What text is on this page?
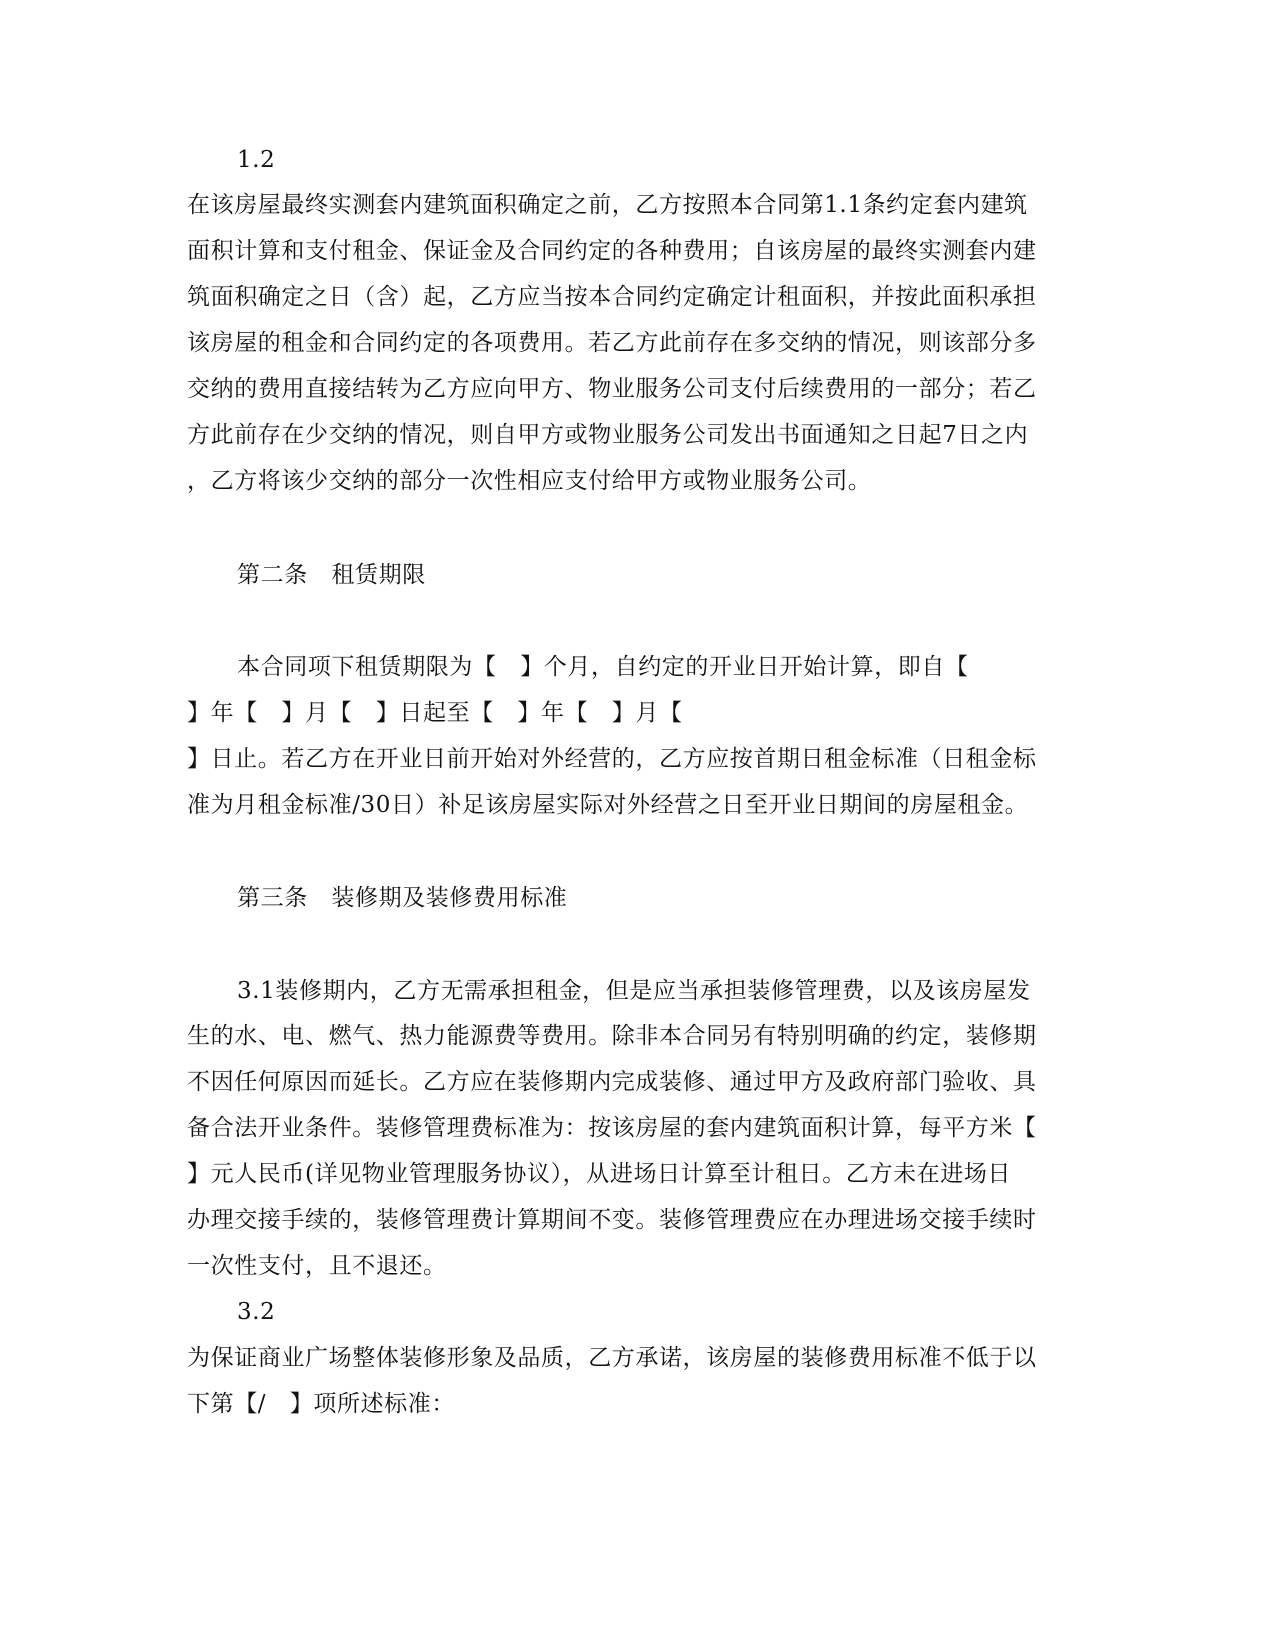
1.2
在该房屋最终实测套内建筑面积确定之前，乙方按照本合同第1.1条约定套内建筑
面积计算和支付租金、保证金及合同约定的各种费用；自该房屋的最终实测套内建
筑面积确定之日（含）起，乙方应当按本合同约定确定计租面积，并按此面积承担
该房屋的租金和合同约定的各项费用。若乙方此前存在多交纳的情况，则该部分多
交纳的费用直接结转为乙方应向甲方、物业服务公司支付后续费用的一部分；若乙
方此前存在少交纳的情况，则自甲方或物业服务公司发出书面通知之日起7日之内
，乙方将该少交纳的部分一次性相应支付给甲方或物业服务公司。
第二条　租赁期限
本合同项下租赁期限为【　】个月，自约定的开业日开始计算，即自【
】年【　】月【　】日起至【　】年【　】月【
】日止。若乙方在开业日前开始对外经营的，乙方应按首期日租金标准（日租金标
准为月租金标准/30日）补足该房屋实际对外经营之日至开业日期间的房屋租金。
第三条　装修期及装修费用标准
3.1装修期内，乙方无需承担租金，但是应当承担装修管理费，以及该房屋发
生的水、电、燃气、热力能源费等费用。除非本合同另有特别明确的约定，装修期
不因任何原因而延长。乙方应在装修期内完成装修、通过甲方及政府部门验收、具
备合法开业条件。装修管理费标准为：按该房屋的套内建筑面积计算，每平方米【
】元人民币(详见物业管理服务协议），从进场日计算至计租日。乙方未在进场日
办理交接手续的，装修管理费计算期间不变。装修管理费应在办理进场交接手续时
一次性支付，且不退还。
3.2
为保证商业广场整体装修形象及品质，乙方承诺，该房屋的装修费用标准不低于以
下第【/　】项所述标准：
